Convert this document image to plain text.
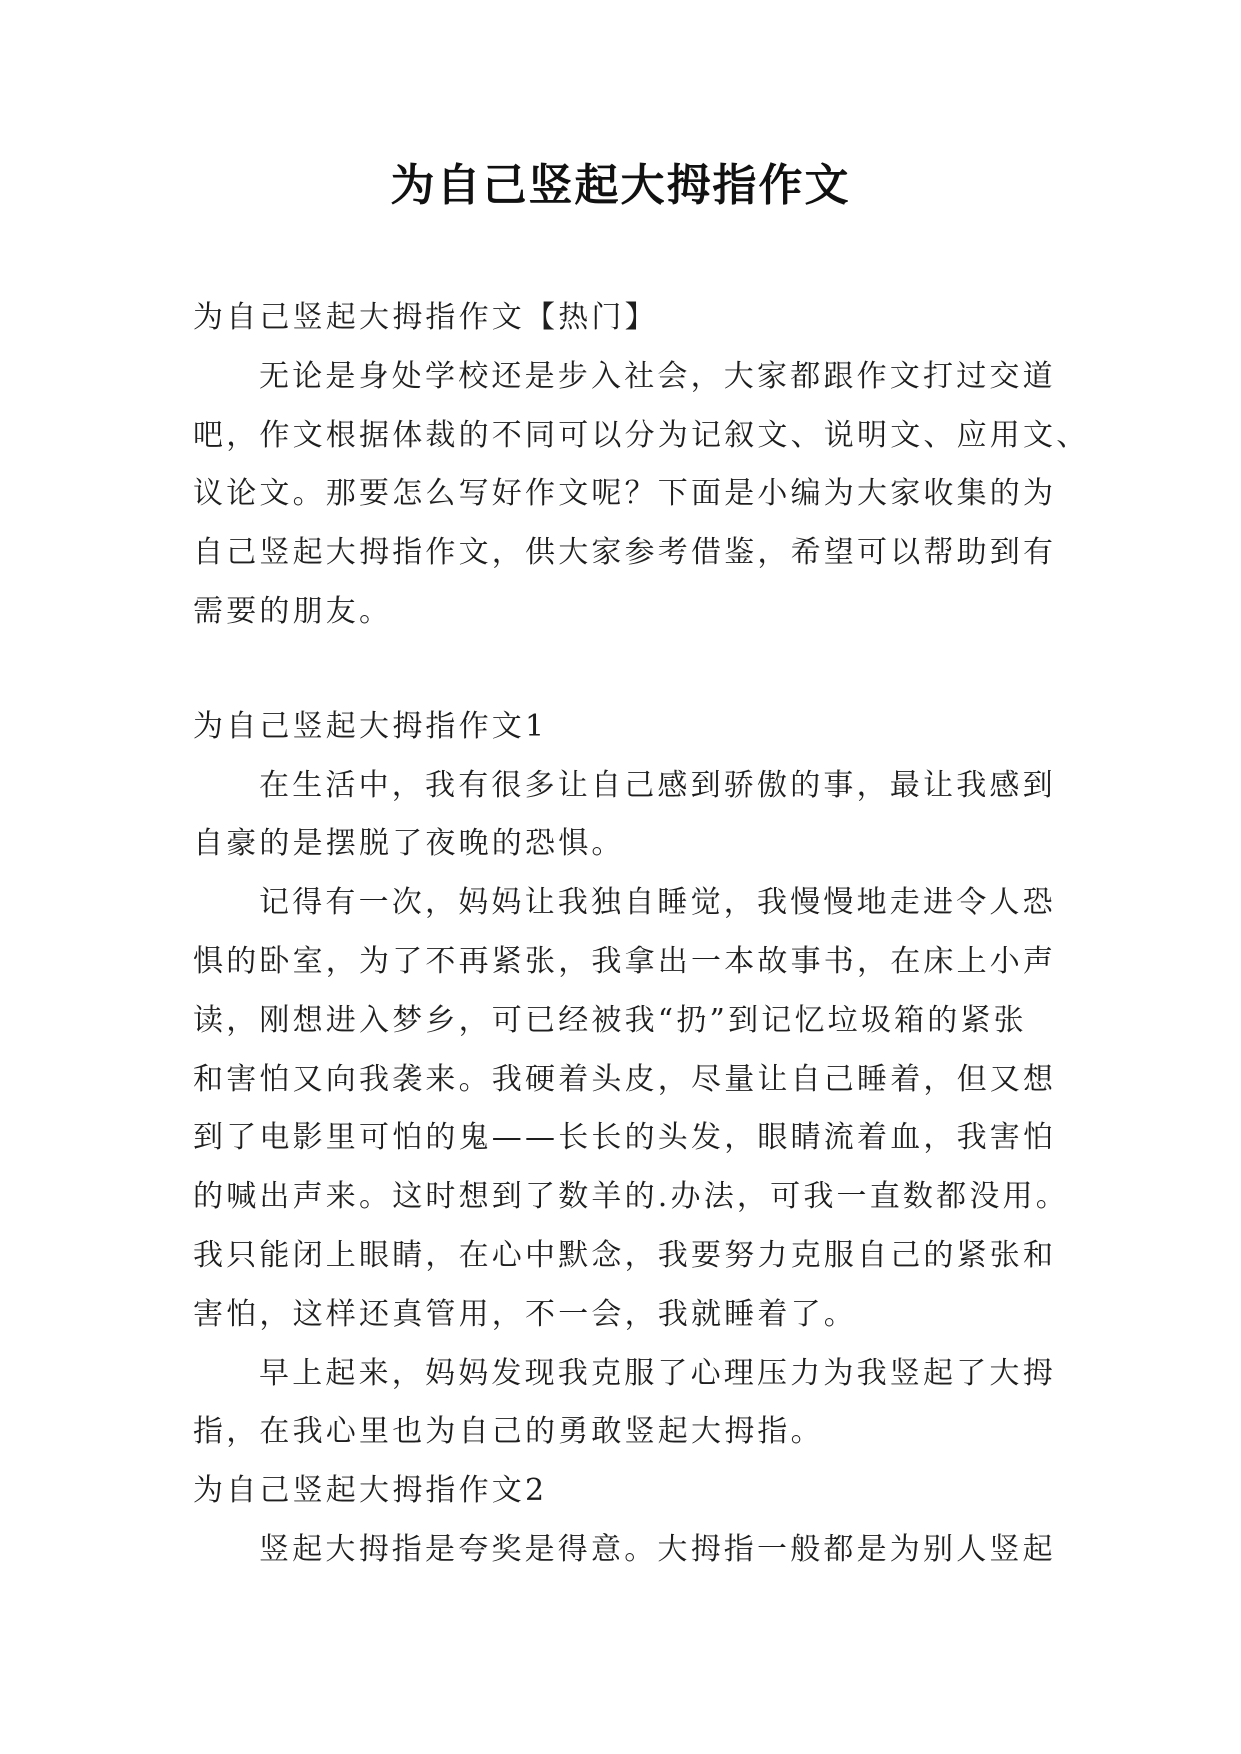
为自己竖起大拇指作文
为自己竖起大拇指作文【热门】
无论是身处学校还是步入社会，大家都跟作文打过交道
吧，作文根据体裁的不同可以分为记叙文、说明文、应用文、
议论文。那要怎么写好作文呢？下面是小编为大家收集的为
自己竖起大拇指作文，供大家参考借鉴，希望可以帮助到有
需要的朋友。
为自己竖起大拇指作文1
在生活中，我有很多让自己感到骄傲的事，最让我感到
自豪的是摆脱了夜晚的恐惧。
记得有一次，妈妈让我独自睡觉，我慢慢地走进令人恐
惧的卧室，为了不再紧张，我拿出一本故事书，在床上小声
读，刚想进入梦乡，可已经被我“扔”到记忆垃圾箱的紧张
和害怕又向我袭来。我硬着头皮，尽量让自己睡着，但又想
到了电影里可怕的鬼——长长的头发，眼睛流着血，我害怕
的喊出声来。这时想到了数羊的.办法，可我一直数都没用。
我只能闭上眼睛，在心中默念，我要努力克服自己的紧张和
害怕，这样还真管用，不一会，我就睡着了。
早上起来，妈妈发现我克服了心理压力为我竖起了大拇
指，在我心里也为自己的勇敢竖起大拇指。
为自己竖起大拇指作文2
竖起大拇指是夸奖是得意。大拇指一般都是为别人竖起
